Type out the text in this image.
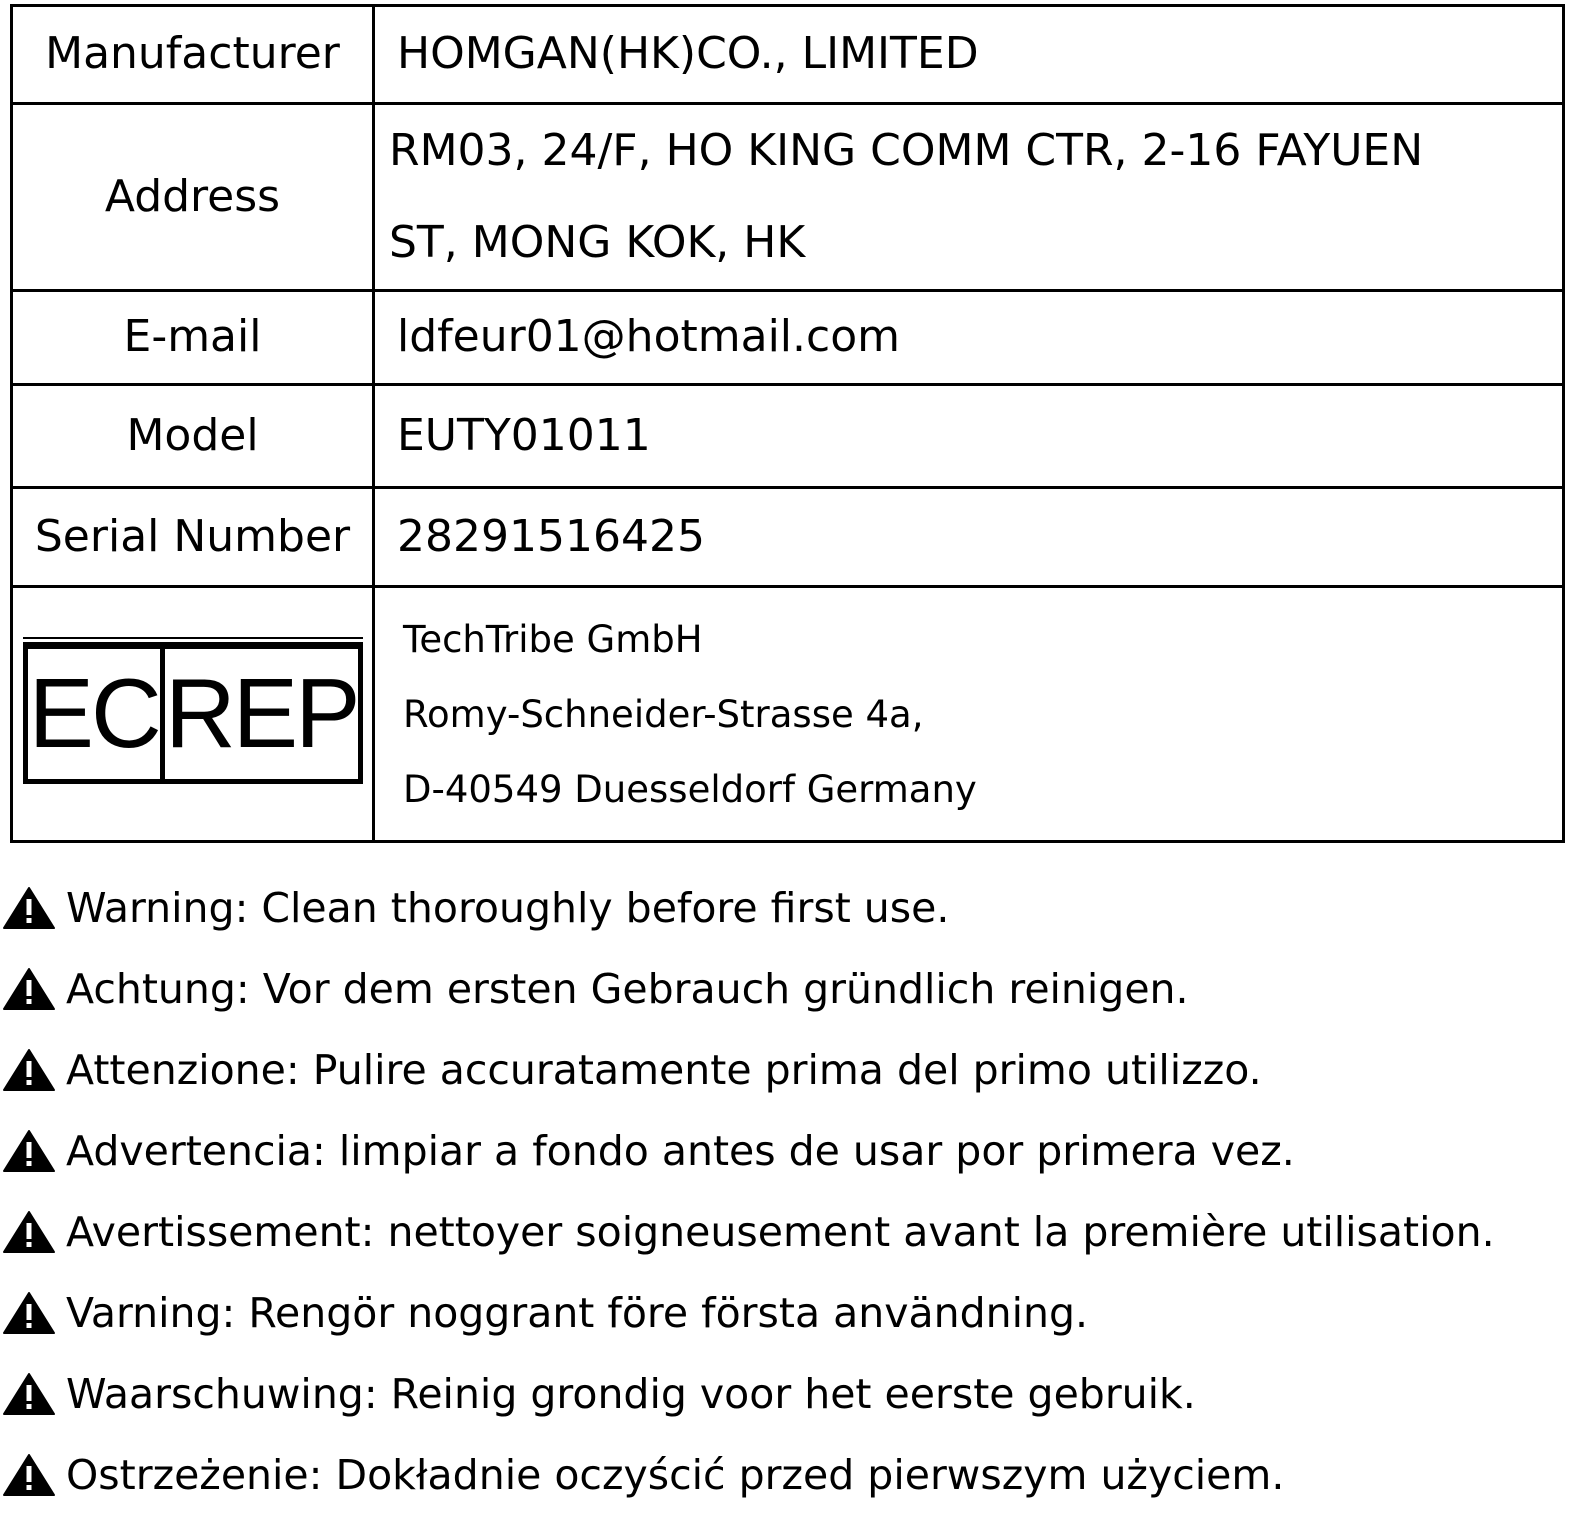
Manufacturer	HOMGAN(HK)CO., LIMITED
Address	RM03, 24/F, HO KING COMM CTR, 2-16 FAYUEN
ST, MONG KOK, HK

E-mail	ldfeur01@hotmail.com
Model	EUTY01011
Serial Number	28291516425

EC REP	TechTribe GmbH
Romy-Schneider-Strasse 4a,
D-40549 Duesseldorf Germany
Warning: Clean thoroughly before first use.
Achtung: Vor dem ersten Gebrauch gründlich reinigen.
Attenzione: Pulire accuratamente prima del primo utilizzo.
Advertencia: limpiar a fondo antes de usar por primera vez.
Avertissement: nettoyer soigneusement avant la première utilisation.
Varning: Rengör noggrant före första användning.
Waarschuwing: Reinig grondig voor het eerste gebruik.
Ostrzeżenie: Dokładnie oczyścić przed pierwszym użyciem.
